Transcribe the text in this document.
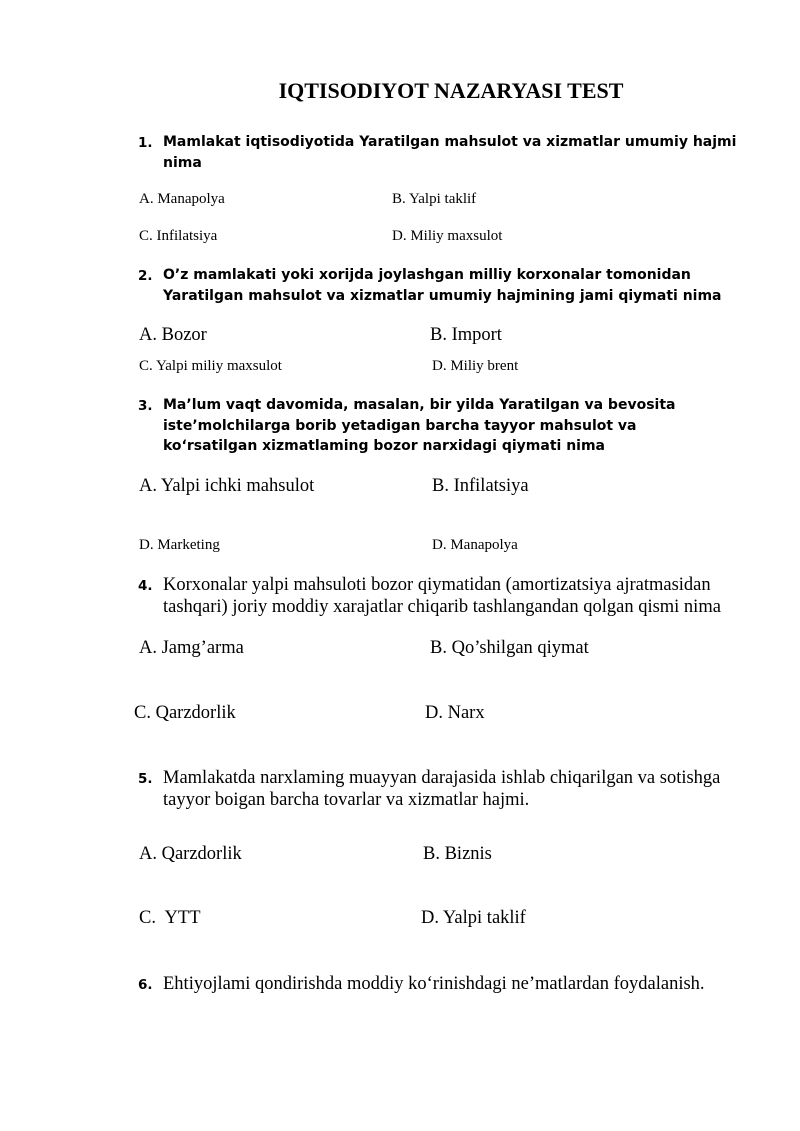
IQTISODIYOT NAZARYASI TEST
1. Mamlakat iqtisodiyotida Yaratilgan mahsulot va xizmatlar umumiy hajmi nima
A. Manapolya	B. Yalpi taklif
C. Infilatsiya	D. Miliy maxsulot
2. O’z mamlakati yoki xorijda joylashgan milliy korxonalar tomonidan Yaratilgan mahsulot va xizmatlar umumiy hajmining jami qiymati nima
A. Bozor	B. Import
C. Yalpi miliy maxsulot	D. Miliy brent
3. Ma’lum vaqt davomida, masalan, bir yilda Yaratilgan va bevosita iste’molchilarga borib yetadigan barcha tayyor mahsulot va ko‘rsatilgan xizmatlaming bozor narxidagi qiymati nima
A. Yalpi ichki mahsulot	B. Infilatsiya
D. Marketing	D. Manapolya
4. Korxonalar yalpi mahsuloti bozor qiymatidan (amortizatsiya ajratmasidan tashqari) joriy moddiy xarajatlar chiqarib tashlangandan qolgan qismi nima
A. Jamg’arma	B. Qo’shilgan qiymat
C. Qarzdorlik	D. Narx
5. Mamlakatda narxlaming muayyan darajasida ishlab chiqarilgan va sotishga tayyor boigan barcha tovarlar va xizmatlar hajmi.
A. Qarzdorlik	B. Biznis
C.  YTT	D. Yalpi taklif
6. Ehtiyojlami qondirishda moddiy ko‘rinishdagi ne’matlardan foydalanish.
